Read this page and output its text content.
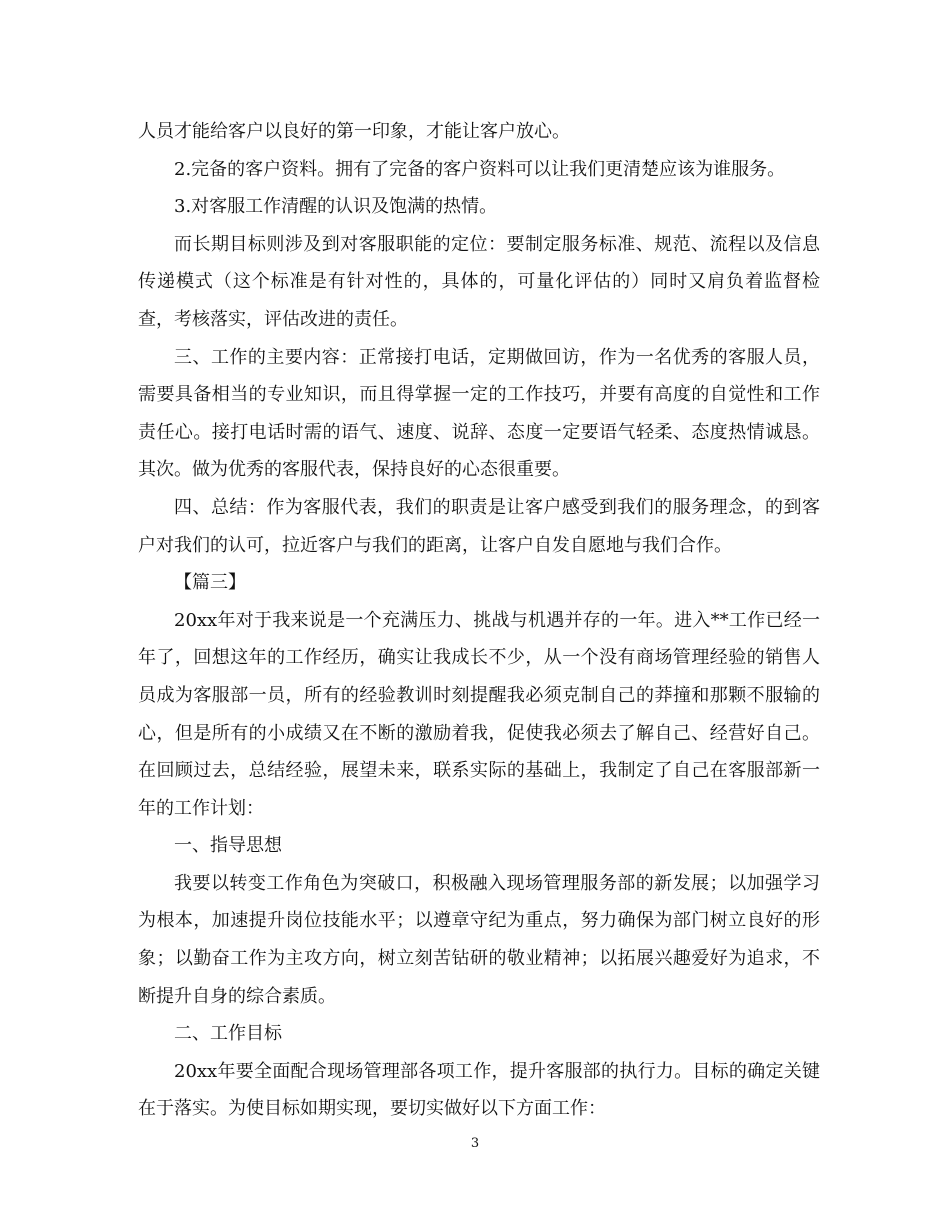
人员才能给客户以良好的第一印象，才能让客户放心。

2.完备的客户资料。拥有了完备的客户资料可以让我们更清楚应该为谁服务。

3.对客服工作清醒的认识及饱满的热情。

而长期目标则涉及到对客服职能的定位：要制定服务标准、规范、流程以及信息传递模式（这个标准是有针对性的，具体的，可量化评估的）同时又肩负着监督检查，考核落实，评估改进的责任。

三、工作的主要内容：正常接打电话，定期做回访，作为一名优秀的客服人员，需要具备相当的专业知识，而且得掌握一定的工作技巧，并要有高度的自觉性和工作责任心。接打电话时需的语气、速度、说辞、态度一定要语气轻柔、态度热情诚恳。其次。做为优秀的客服代表，保持良好的心态很重要。

四、总结：作为客服代表，我们的职责是让客户感受到我们的服务理念，的到客户对我们的认可，拉近客户与我们的距离，让客户自发自愿地与我们合作。

【篇三】

20xx年对于我来说是一个充满压力、挑战与机遇并存的一年。进入**工作已经一年了，回想这年的工作经历，确实让我成长不少，从一个没有商场管理经验的销售人员成为客服部一员，所有的经验教训时刻提醒我必须克制自己的莽撞和那颗不服输的心，但是所有的小成绩又在不断的激励着我，促使我必须去了解自己、经营好自己。在回顾过去，总结经验，展望未来，联系实际的基础上，我制定了自己在客服部新一年的工作计划：

一、指导思想

我要以转变工作角色为突破口，积极融入现场管理服务部的新发展；以加强学习为根本，加速提升岗位技能水平；以遵章守纪为重点，努力确保为部门树立良好的形象；以勤奋工作为主攻方向，树立刻苦钻研的敬业精神；以拓展兴趣爱好为追求，不断提升自身的综合素质。

二、工作目标

20xx年要全面配合现场管理部各项工作，提升客服部的执行力。目标的确定关键在于落实。为使目标如期实现，要切实做好以下方面工作：

3
